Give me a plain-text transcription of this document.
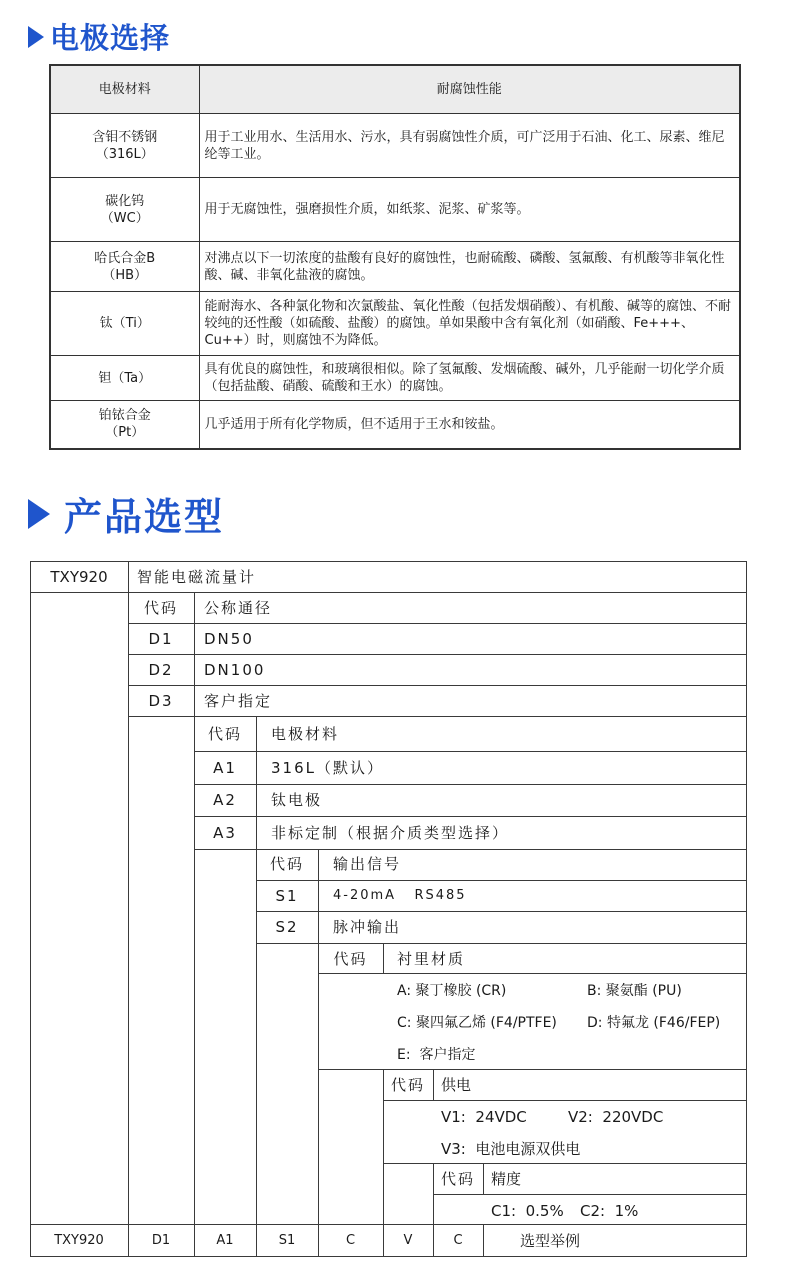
电极选择
电极材料	耐腐蚀性能

含钼不锈钢
（316L）	用于工业用水、生活用水、污水，具有弱腐蚀性介质，可广泛用于石油、化工、尿素、维尼纶等工业。

碳化钨
（WC）	用于无腐蚀性，强磨损性介质，如纸浆、泥浆、矿浆等。

哈氏合金B
（HB）	对沸点以下一切浓度的盐酸有良好的腐蚀性，也耐硫酸、磷酸、氢氟酸、有机酸等非氧化性酸、碱、非氧化盐液的腐蚀。

钛（Ti）	能耐海水、各种氯化物和次氯酸盐、氧化性酸（包括发烟硝酸）、有机酸、碱等的腐蚀、不耐较纯的还性酸（如硫酸、盐酸）的腐蚀。单如果酸中含有氧化剂（如硝酸、Fe+++、Cu++）时，则腐蚀不为降低。

钽（Ta）	具有优良的腐蚀性，和玻璃很相似。除了氢氟酸、发烟硫酸、碱外，几乎能耐一切化学介质（包括盐酸、硝酸、硫酸和王水）的腐蚀。

铂铱合金
（Pt）	几乎适用于所有化学物质，但不适用于王水和铵盐。
产品选型
TXY920	智能电磁流量计
代码	公称通径
D1	DN50
D2	DN100
D3	客户指定
代码	电极材料
A1	316L（默认）
A2	钛电极
A3	非标定制（根据介质类型选择）
代码	输出信号
S1	4-20mA   RS485
S2	脉冲输出
代码	衬里材质
A: 聚丁橡胶 (CR)	B: 聚氨酯 (PU)
C: 聚四氟乙烯 (F4/PTFE) D: 特氟龙 (F46/FEP)
E:  客户指定
代码	供电
V1:  24VDC	V2:  220VDC
V3:  电池电源双供电
代码	精度
C1:  0.5% C2:  1%
TXY920	D1	A1	S1	C	V	C	选型举例
